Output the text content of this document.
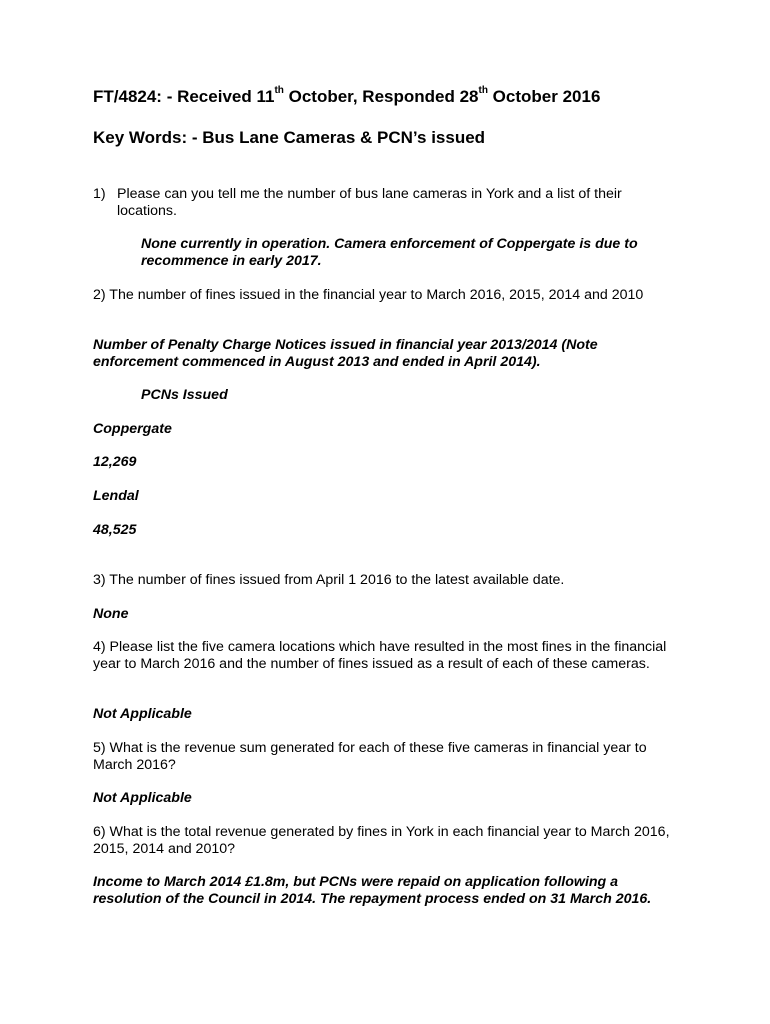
FT/4824: - Received 11th October, Responded 28th October 2016
Key Words: - Bus Lane Cameras & PCN’s issued
1) Please can you tell me the number of bus lane cameras in York and a list of their locations.
None currently in operation. Camera enforcement of Coppergate is due to recommence in early 2017.
2) The number of fines issued in the financial year to March 2016, 2015, 2014 and 2010
Number of Penalty Charge Notices issued in financial year 2013/2014 (Note enforcement commenced in August 2013 and ended in April 2014).
PCNs Issued
Coppergate
12,269
Lendal
48,525
3) The number of fines issued from April 1 2016 to the latest available date.
None
4) Please list the five camera locations which have resulted in the most fines in the financial year to March 2016 and the number of fines issued as a result of each of these cameras.
Not Applicable
5) What is the revenue sum generated for each of these five cameras in financial year to March 2016?
Not Applicable
6) What is the total revenue generated by fines in York in each financial year to March 2016, 2015, 2014 and 2010?
Income to March 2014 £1.8m, but PCNs were repaid on application following a resolution of the Council in 2014. The repayment process ended on 31 March 2016.
